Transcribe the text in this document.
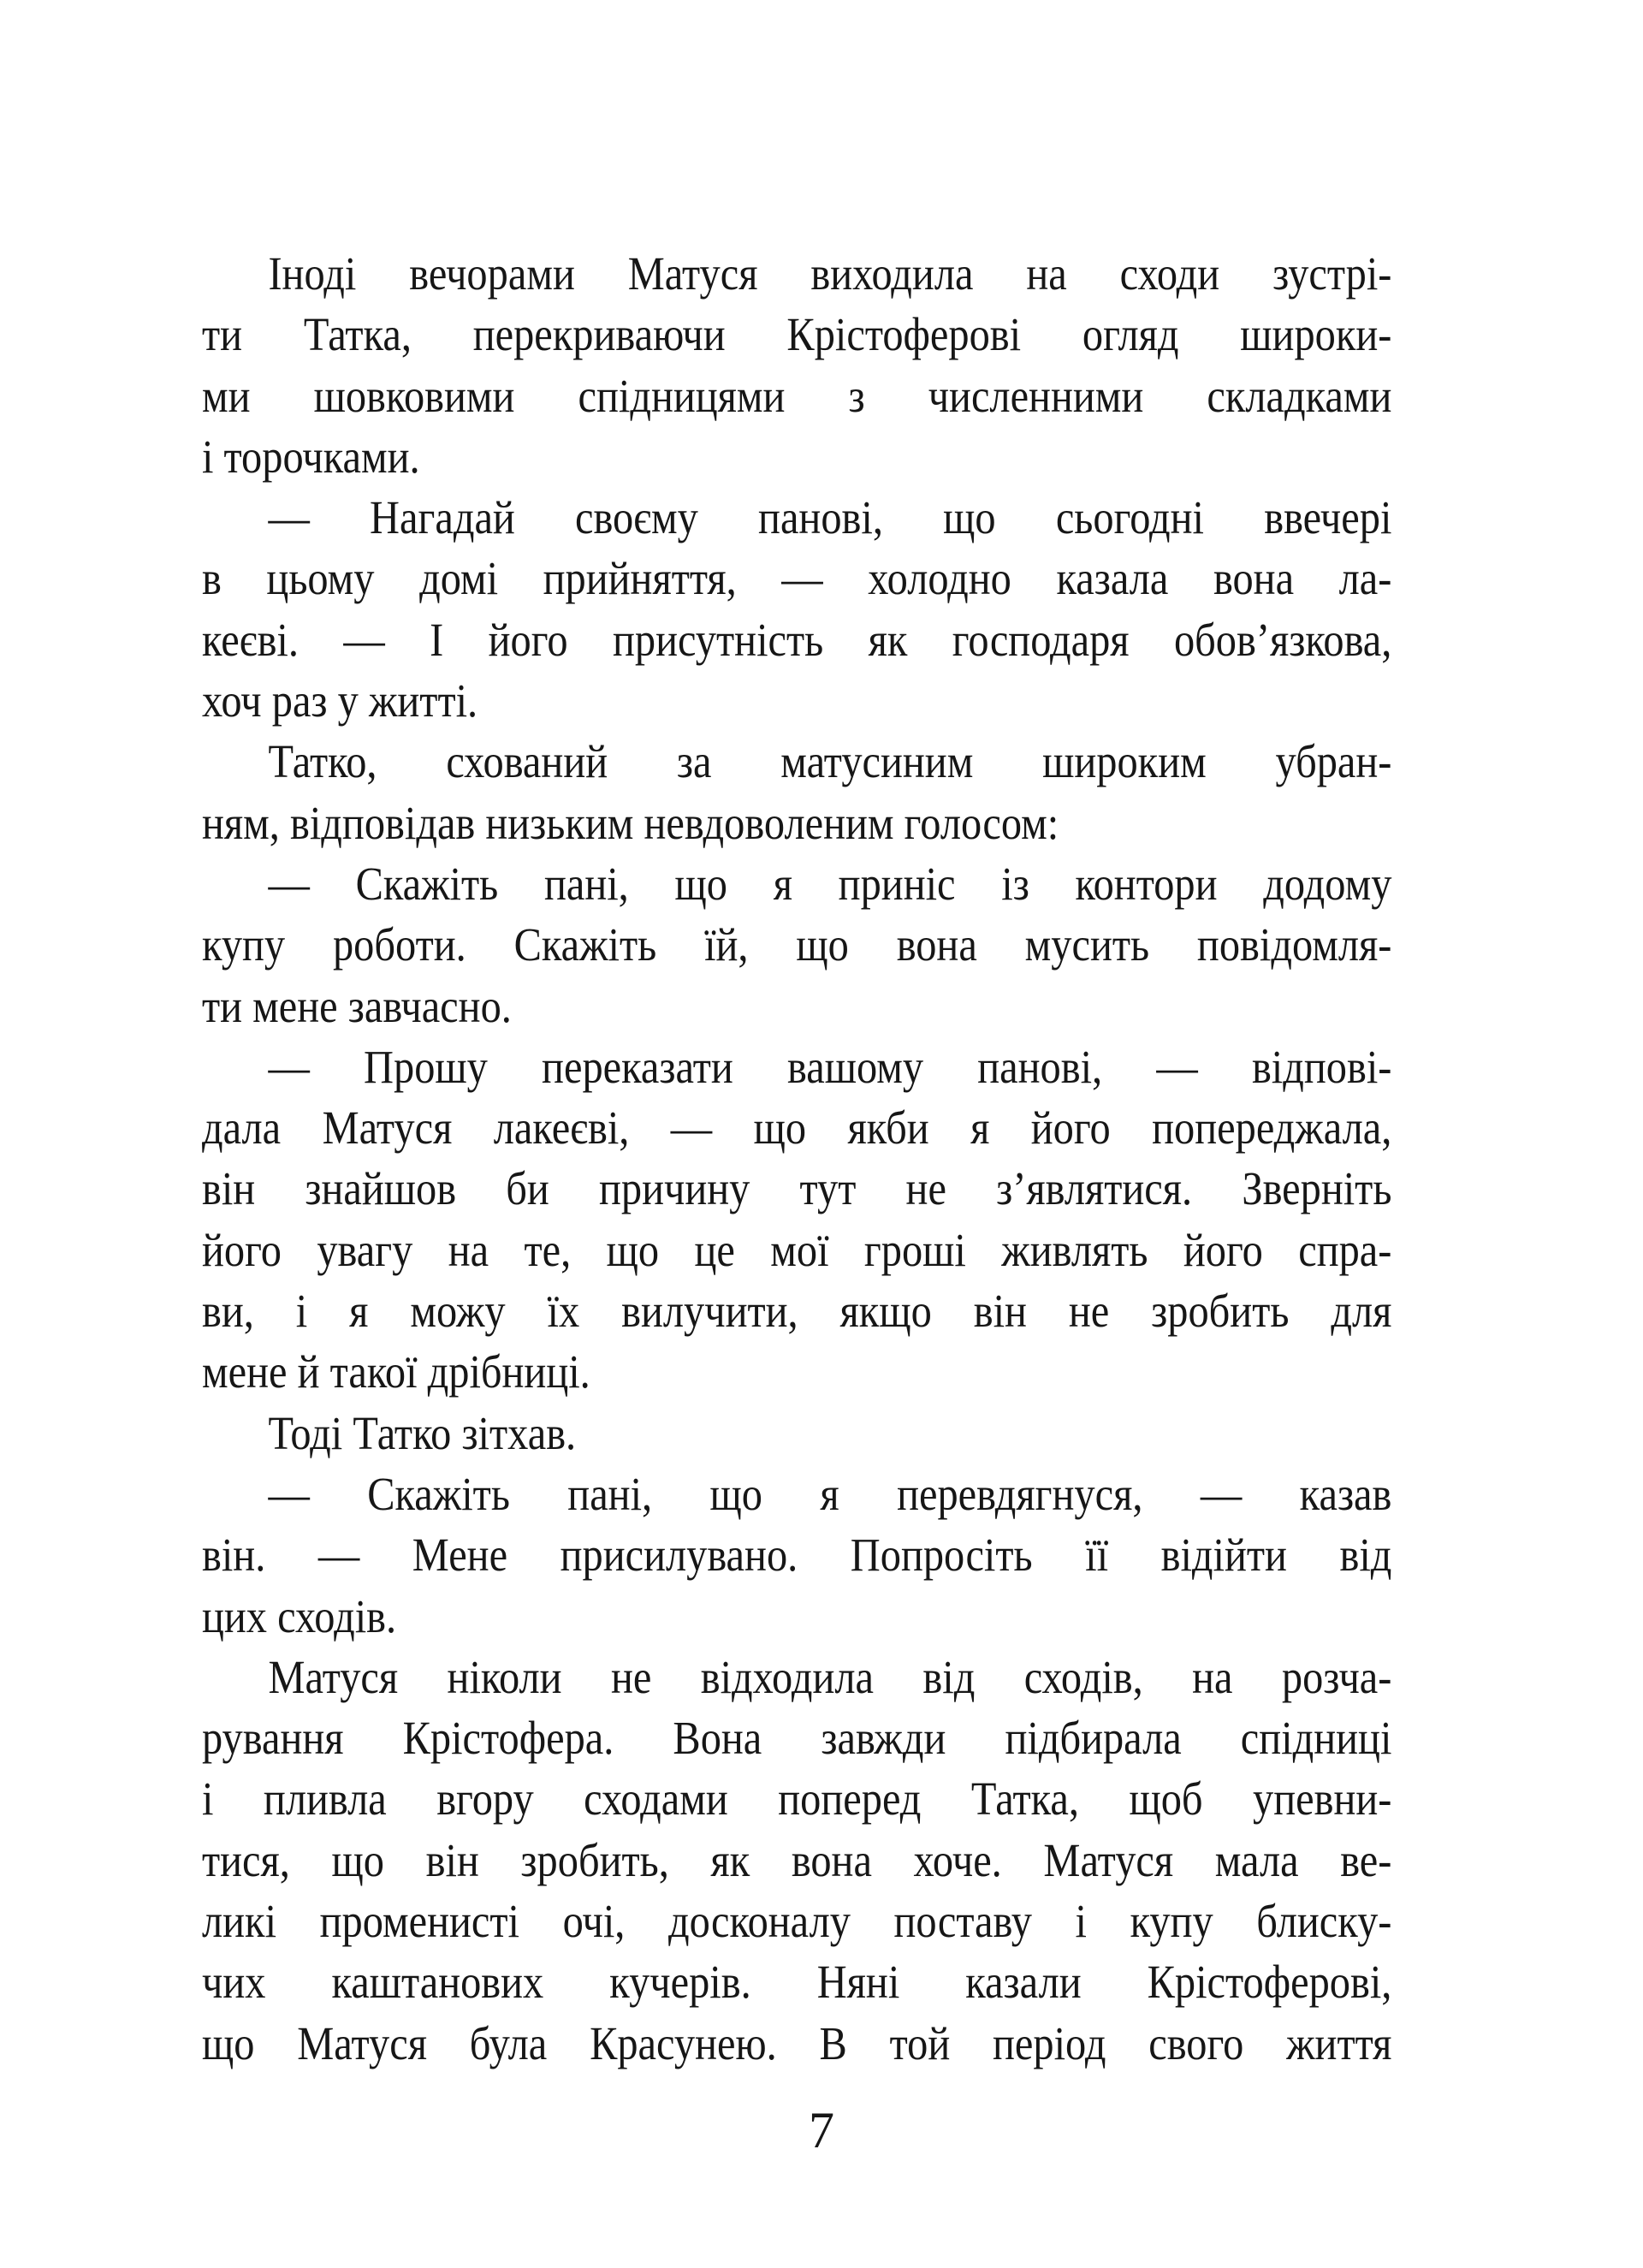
Іноді вечорами Матуся виходила на сходи зустрі-
ти Татка, перекриваючи Крістоферові огляд широки-
ми шовковими спідницями з численними складками
і торочками.
— Нагадай своєму панові, що сьогодні ввечері
в цьому домі прийняття, — холодно казала вона ла-
кеєві. — І його присутність як господаря обов’язкова,
хоч раз у житті.
Татко, схований за матусиним широким убран-
ням, відповідав низьким невдоволеним голосом:
— Скажіть пані, що я приніс із контори додому
купу роботи. Скажіть їй, що вона мусить повідомля-
ти мене завчасно.
— Прошу переказати вашому панові, — відпові-
дала Матуся лакеєві, — що якби я його попереджала,
він знайшов би причину тут не з’являтися. Зверніть
його увагу на те, що це мої гроші живлять його спра-
ви, і я можу їх вилучити, якщо він не зробить для
мене й такої дрібниці.
Тоді Татко зітхав.
— Скажіть пані, що я перевдягнуся, — казав
він. — Мене присилувано. Попросіть її відійти від
цих сходів.
Матуся ніколи не відходила від сходів, на розча-
рування Крістофера. Вона завжди підбирала спідниці
і пливла вгору сходами поперед Татка, щоб упевни-
тися, що він зробить, як вона хоче. Матуся мала ве-
ликі променисті очі, досконалу поставу і купу блиску-
чих каштанових кучерів. Няні казали Крістоферові,
що Матуся була Красунею. В той період свого життя
7
